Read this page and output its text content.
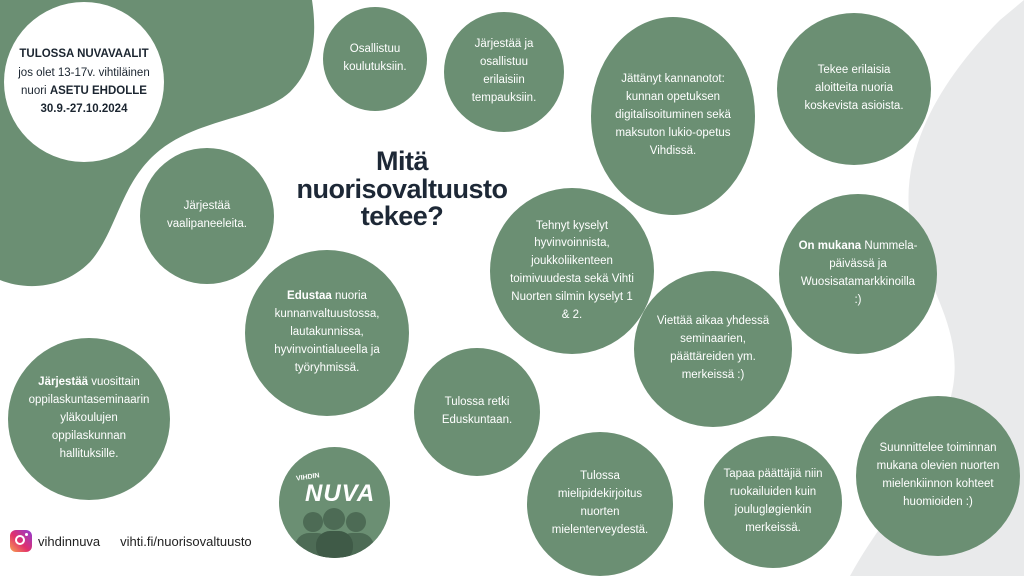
TULOSSA NUVAVAALIT
jos olet 13-17v. vihtiläinen
nuori ASETU EHDOLLE
30.9.-27.10.2024
Mitä
nuorisovaltuusto
tekee?

Osallistuu koulutuksiin.

Järjestää ja osallistuu erilaisiin tempauksiin.

Jättänyt kannanotot: kunnan opetuksen digitalisoituminen sekä maksuton lukio-opetus Vihdissä.

Tekee erilaisia aloitteita nuoria koskevista asioista.

Järjestää vaalipaneeleita.	Tehnyt kyselyt hyvinvoinnista, joukkoliikenteen toimivuudesta sekä Vihti Nuorten silmin kyselyt 1 & 2.

On mukana Nummela-päivässä ja Wuosisatamarkkinoilla :)

Edustaa nuoria kunnanvaltuustossa, lautakunnissa, hyvinvointialueella ja työryhmissä.

Viettää aikaa yhdessä seminaarien, päättäreiden ym. merkeissä :)

Järjestää vuosittain oppilaskuntaseminaarin yläkoulujen oppilaskunnan hallituksille.

Tulossa retki Eduskuntaan.

Tulossa mielipidekirjoitus nuorten mielenterveydestä.

Tapaa päättäjiä niin ruokailuiden kuin joulugløgienkin merkeissä.

Suunnittelee toiminnan mukana olevien nuorten mielenkiinnon kohteet huomioiden :)

VIHDIN
NUVA
vihdinnuva vihti.fi/nuorisovaltuusto
